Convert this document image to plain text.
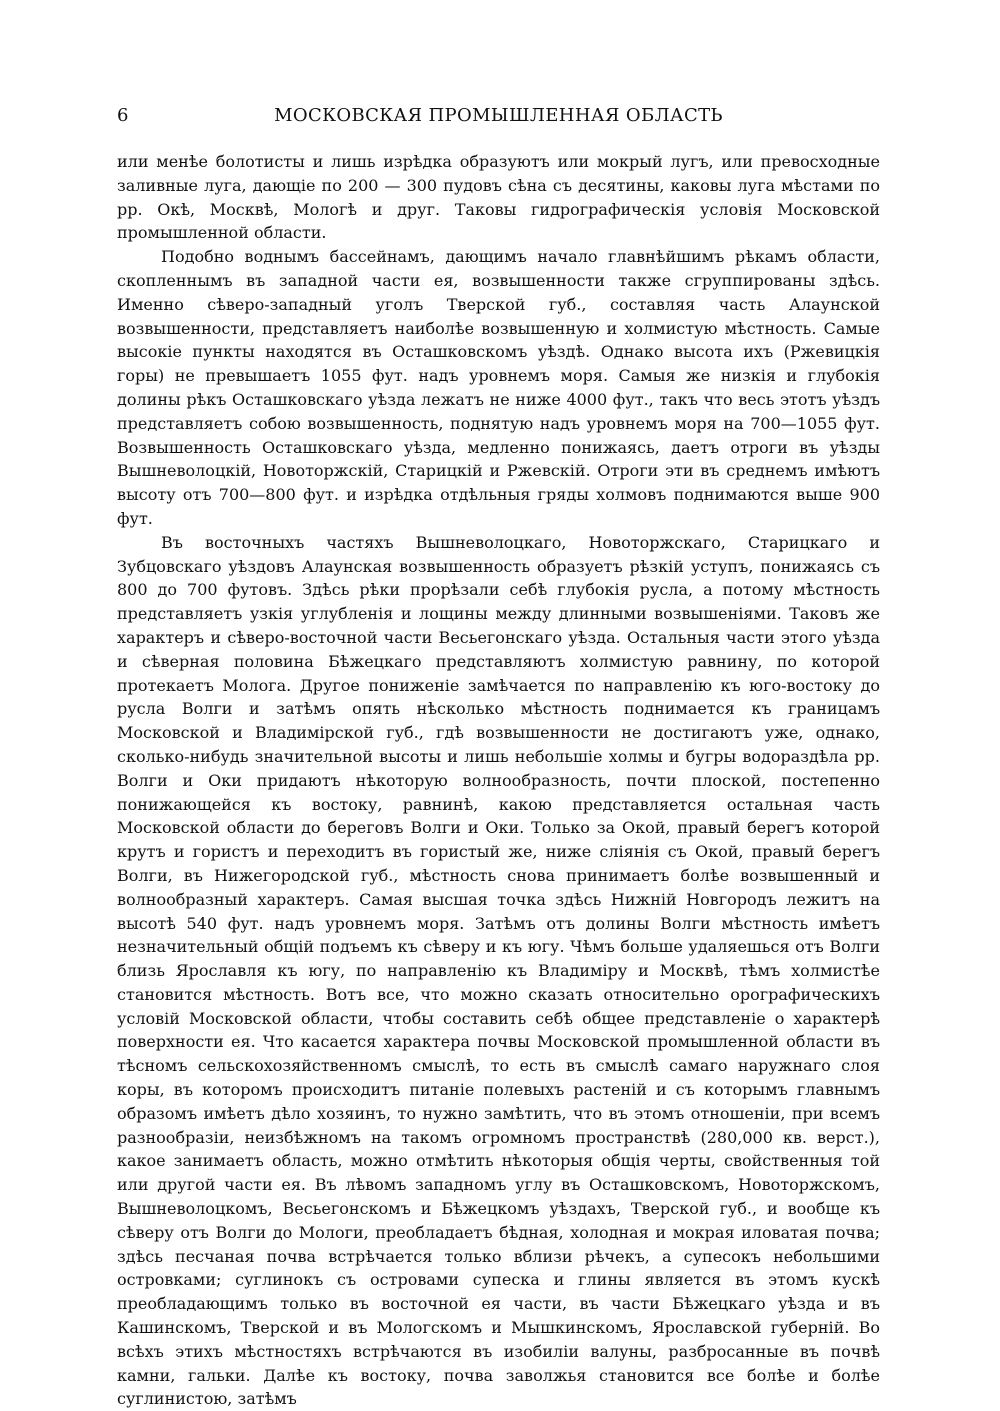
6	МОСКОВСКАЯ ПРОМЫШЛЕННАЯ ОБЛАСТЬ

или менѣе болотисты и лишь изрѣдка образуютъ или мокрый лугъ, или превосходные заливные луга, дающіе по 200 — 300 пудовъ сѣна съ десятины, каковы луга мѣстами по рр. Окѣ, Москвѣ, Мологѣ и друг. Таковы гидрографическія условія Московской промышленной области.

Подобно воднымъ бассейнамъ, дающимъ начало главнѣйшимъ рѣкамъ области, скопленнымъ въ западной части ея, возвышенности также сгруппированы здѣсь. Именно сѣверо-западный уголъ Тверской губ., составляя часть Алаунской возвышенности, представляетъ наиболѣе возвышенную и холмистую мѣстность. Самые высокіе пункты находятся въ Осташковскомъ уѣздѣ. Однако высота ихъ (Ржевицкія горы) не превышаетъ 1055 фут. надъ уровнемъ моря. Самыя же низкія и глубокія долины рѣкъ Осташковскаго уѣзда лежатъ не ниже 4000 фут., такъ что весь этотъ уѣздъ представляетъ собою возвышенность, поднятую надъ уровнемъ моря на 700—1055 фут. Возвышенность Осташковскаго уѣзда, медленно понижаясь, даетъ отроги въ уѣзды Вышневолоцкій, Новоторжскій, Старицкій и Ржевскій. Отроги эти въ среднемъ имѣютъ высоту отъ 700—800 фут. и изрѣдка отдѣльныя гряды холмовъ поднимаются выше 900 фут.

Въ восточныхъ частяхъ Вышневолоцкаго, Новоторжскаго, Старицкаго и Зубцовскаго уѣздовъ Алаунская возвышенность образуетъ рѣзкій уступъ, понижаясь съ 800 до 700 футовъ. Здѣсь рѣки прорѣзали себѣ глубокія русла, а потому мѣстность представляетъ узкія углубленія и лощины между длинными возвышеніями. Таковъ же характеръ и сѣверо-восточной части Весьегонскаго уѣзда. Остальныя части этого уѣзда и сѣверная половина Бѣжецкаго представляютъ холмистую равнину, по которой протекаетъ Молога. Другое пониженіе замѣчается по направленію къ юго-востоку до русла Волги и затѣмъ опять нѣсколько мѣстность поднимается къ границамъ Московской и Владимірской губ., гдѣ возвышенности не достигаютъ уже, однако, сколько-нибудь значительной высоты и лишь небольшіе холмы и бугры водораздѣла рр. Волги и Оки придаютъ нѣкоторую волнообразность, почти плоской, постепенно понижающейся къ востоку, равнинѣ, какою представляется остальная часть Московской области до береговъ Волги и Оки. Только за Окой, правый берегъ которой крутъ и гористъ и переходитъ въ гористый же, ниже сліянія съ Окой, правый берегъ Волги, въ Нижегородской губ., мѣстность снова принимаетъ болѣе возвышенный и волнообразный характеръ. Самая высшая точка здѣсь Нижній Новгородъ лежитъ на высотѣ 540 фут. надъ уровнемъ моря. Затѣмъ отъ долины Волги мѣстность имѣетъ незначительный общій подъемъ къ сѣверу и къ югу. Чѣмъ больше удаляешься отъ Волги близь Ярославля къ югу, по направленію къ Владиміру и Москвѣ, тѣмъ холмистѣе становится мѣстность. Вотъ все, что можно сказать относительно орографическихъ условій Московской области, чтобы составить себѣ общее представленіе о характерѣ поверхности ея. Что касается характера почвы Московской промышленной области въ тѣсномъ сельскохозяйственномъ смыслѣ, то есть въ смыслѣ самаго наружнаго слоя коры, въ которомъ происходитъ питаніе полевыхъ растеній и съ которымъ главнымъ образомъ имѣетъ дѣло хозяинъ, то нужно замѣтить, что въ этомъ отношеніи, при всемъ разнообразіи, неизбѣжномъ на такомъ огромномъ пространствѣ (280,000 кв. верст.), какое занимаетъ область, можно отмѣтить нѣкоторыя общія черты, свойственныя той или другой части ея. Въ лѣвомъ западномъ углу въ Осташковскомъ, Новоторжскомъ, Вышневолоцкомъ, Весьегонскомъ и Бѣжецкомъ уѣздахъ, Тверской губ., и вообще къ сѣверу отъ Волги до Мологи, преобладаетъ бѣдная, холодная и мокрая иловатая почва; здѣсь песчаная почва встрѣчается только вблизи рѣчекъ, а супесокъ небольшими островками; суглинокъ съ островами супеска и глины является въ этомъ кускѣ преобладающимъ только въ восточной ея части, въ части Бѣжецкаго уѣзда и въ Кашинскомъ, Тверской и въ Мологскомъ и Мышкинскомъ, Ярославской губерній. Во всѣхъ этихъ мѣстностяхъ встрѣчаются въ изобиліи валуны, разбросанные въ почвѣ камни, гальки. Далѣе къ востоку, почва заволжья становится все болѣе и болѣе суглинистою, затѣмъ
